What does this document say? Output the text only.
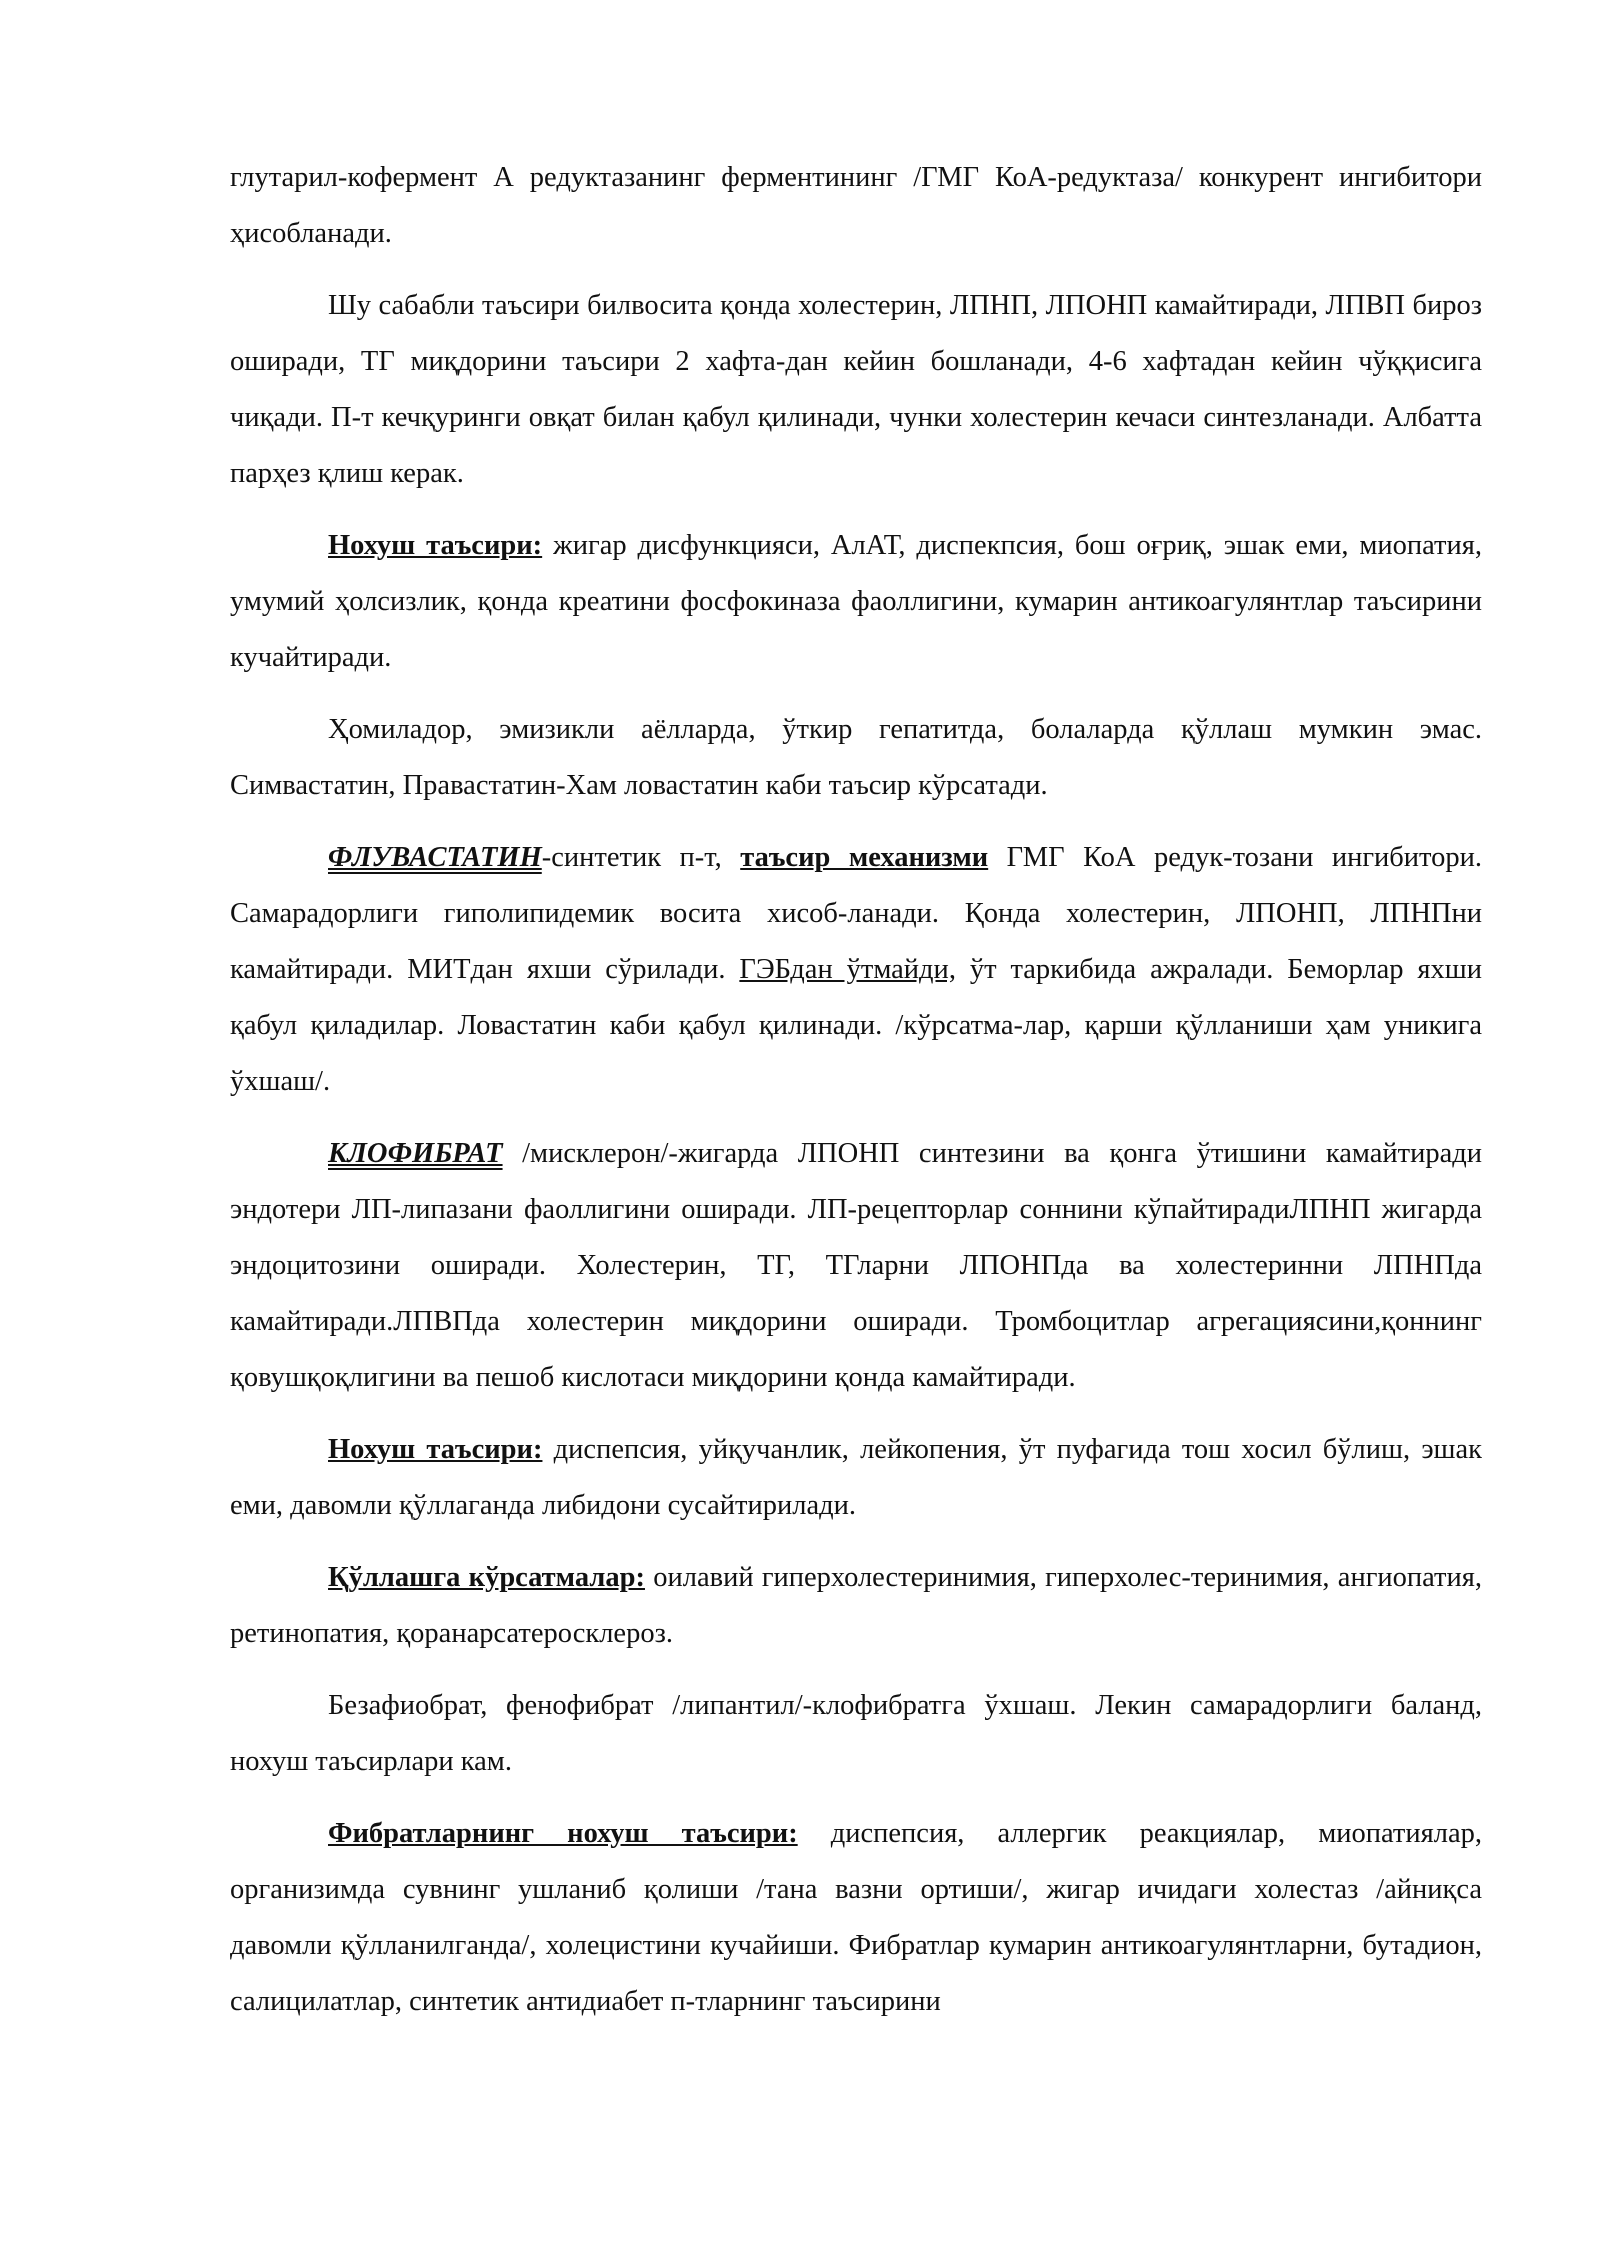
глутарил-кофермент А редуктазанинг ферментининг /ГМГ КоА-редуктаза/ конкурент ингибитори ҳисобланади.

Шу сабабли таъсири билвосита қонда холестерин, ЛПНП, ЛПОНП камайтиради, ЛПВП бироз оширади, ТГ миқдорини таъсири 2 хафта-дан кейин бошланади, 4-6 хафтадан кейин чўққисига чиқади. П-т кечқуринги овқат билан қабул қилинади, чунки холестерин кечаси синтезланади. Албатта парҳез қлиш керак.

Нохуш таъсири: жигар дисфункцияси, АлАТ, диспекпсия, бош оғриқ, эшак еми, миопатия, умумий ҳолсизлик, қонда креатини фосфокиназа фаоллигини, кумарин антикоагулянтлар таъсирини кучайтиради.

Ҳомиладор, эмизикли аёлларда, ўткир гепатитда, болаларда қўллаш мумкин эмас. Симвастатин, Правастатин-Хам ловастатин каби таъсир кўрсатади.

ФЛУВАСТАТИН-синтетик п-т, таъсир механизми ГМГ КоА редук-тозани ингибитори. Самарадорлиги гиполипидемик восита хисоб-ланади. Қонда холестерин, ЛПОНП, ЛПНПни камайтиради. МИТдан яхши сўрилади. ГЭБдан ўтмайди, ўт таркибида ажралади. Беморлар яхши қабул қиладилар. Ловастатин каби қабул қилинади. /кўрсатма-лар, қарши қўлланиши ҳам уникига ўхшаш/.

КЛОФИБРАТ /мисклерон/-жигарда ЛПОНП синтезини ва қонга ўтишини камайтиради эндотери ЛП-липазани фаоллигини оширади. ЛП-рецепторлар соннини кўпайтирадиЛПНП жигарда эндоцитозини оширади. Холестерин, ТГ, ТГларни ЛПОНПда ва холестеринни ЛПНПда камайтиради.ЛПВПда холестерин миқдорини оширади. Тромбоцитлар агрегациясини,қоннинг қовушқоқлигини ва пешоб кислотаси миқдорини қонда камайтиради.

Нохуш таъсири: диспепсия, уйқучанлик, лейкопения, ўт пуфагида тош хосил бўлиш, эшак еми, давомли қўллаганда либидони сусайтирилади.

Қўллашга кўрсатмалар: оилавий гиперхолестеринимия, гиперхолес-теринимия, ангиопатия, ретинопатия, қоранарсатеросклероз.

Безафиобрат, фенофибрат /липантил/-клофибратга ўхшаш. Лекин самарадорлиги баланд, нохуш таъсирлари кам.

Фибратларнинг нохуш таъсири: диспепсия, аллергик реакциялар, миопатиялар, организимда сувнинг ушланиб қолиши /тана вазни ортиши/, жигар ичидаги холестаз /айниқса давомли қўлланилганда/, холецистини кучайиши. Фибратлар кумарин антикоагулянтларни, бутадион, салицилатлар, синтетик антидиабет п-тларнинг таъсирини
